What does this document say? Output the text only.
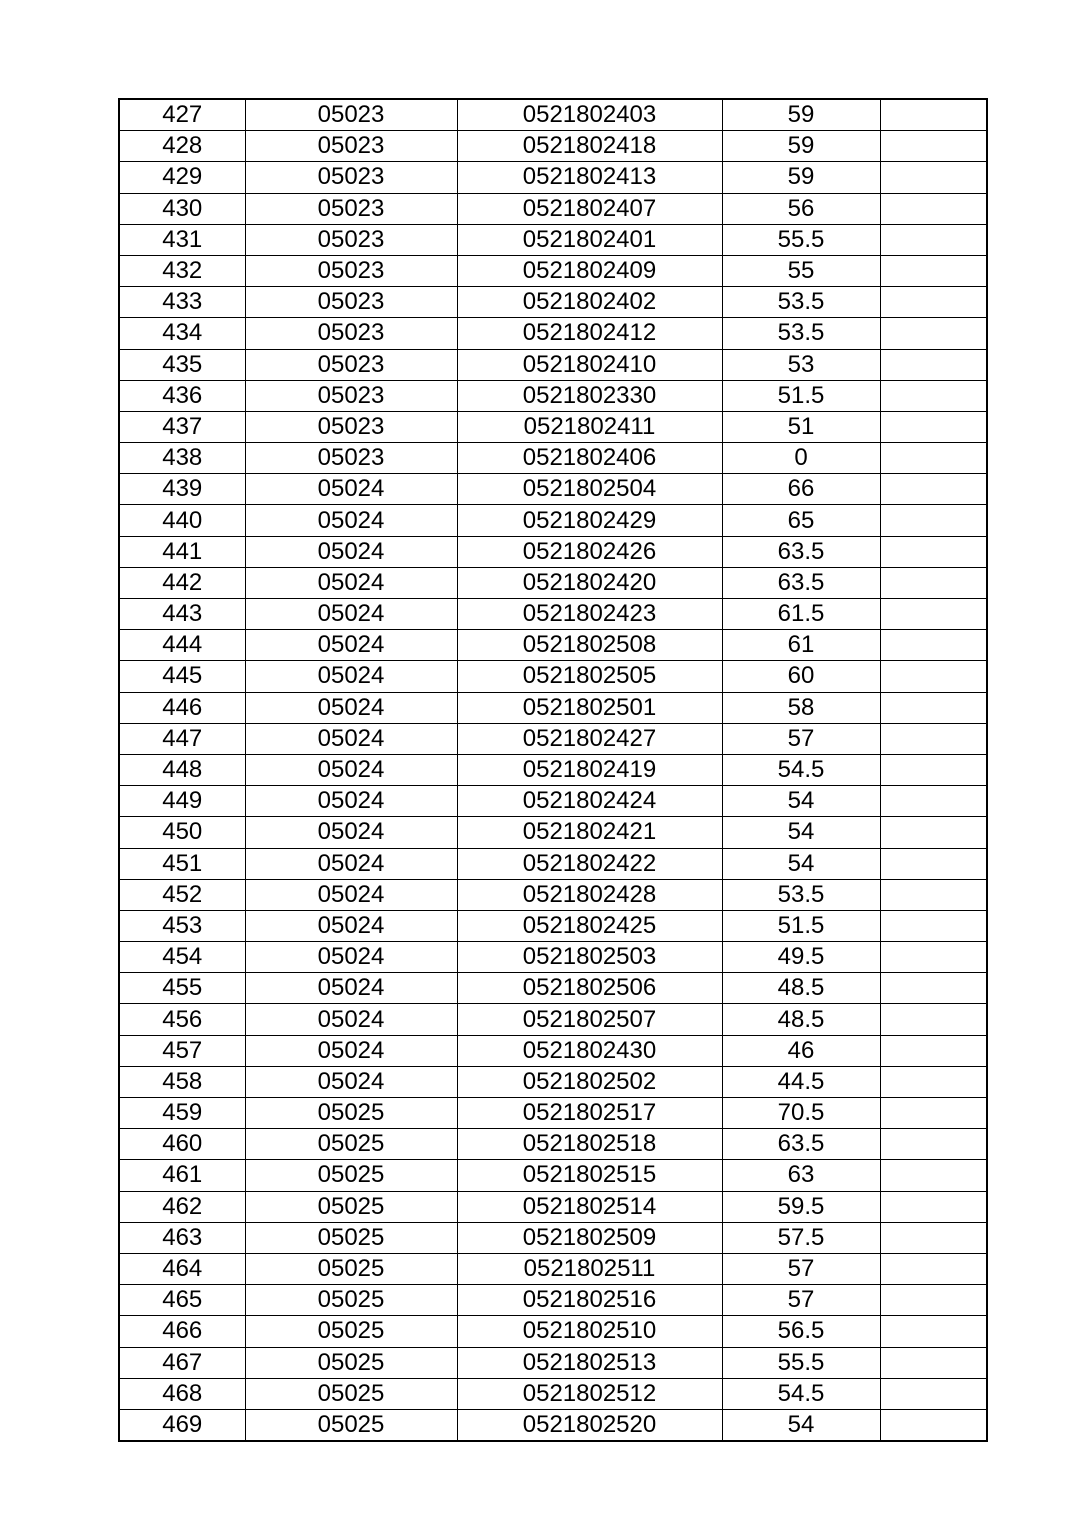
427	05023	0521802403	59	
428	05023	0521802418	59	
429	05023	0521802413	59	
430	05023	0521802407	56	
431	05023	0521802401	55.5	
432	05023	0521802409	55	
433	05023	0521802402	53.5	
434	05023	0521802412	53.5	
435	05023	0521802410	53	
436	05023	0521802330	51.5	
437	05023	0521802411	51	
438	05023	0521802406	0	
439	05024	0521802504	66	
440	05024	0521802429	65	
441	05024	0521802426	63.5	
442	05024	0521802420	63.5	
443	05024	0521802423	61.5	
444	05024	0521802508	61	
445	05024	0521802505	60	
446	05024	0521802501	58	
447	05024	0521802427	57	
448	05024	0521802419	54.5	
449	05024	0521802424	54	
450	05024	0521802421	54	
451	05024	0521802422	54	
452	05024	0521802428	53.5	
453	05024	0521802425	51.5	
454	05024	0521802503	49.5	
455	05024	0521802506	48.5	
456	05024	0521802507	48.5	
457	05024	0521802430	46	
458	05024	0521802502	44.5	
459	05025	0521802517	70.5	
460	05025	0521802518	63.5	
461	05025	0521802515	63	
462	05025	0521802514	59.5	
463	05025	0521802509	57.5	
464	05025	0521802511	57	
465	05025	0521802516	57	
466	05025	0521802510	56.5	
467	05025	0521802513	55.5	
468	05025	0521802512	54.5	
469	05025	0521802520	54	
